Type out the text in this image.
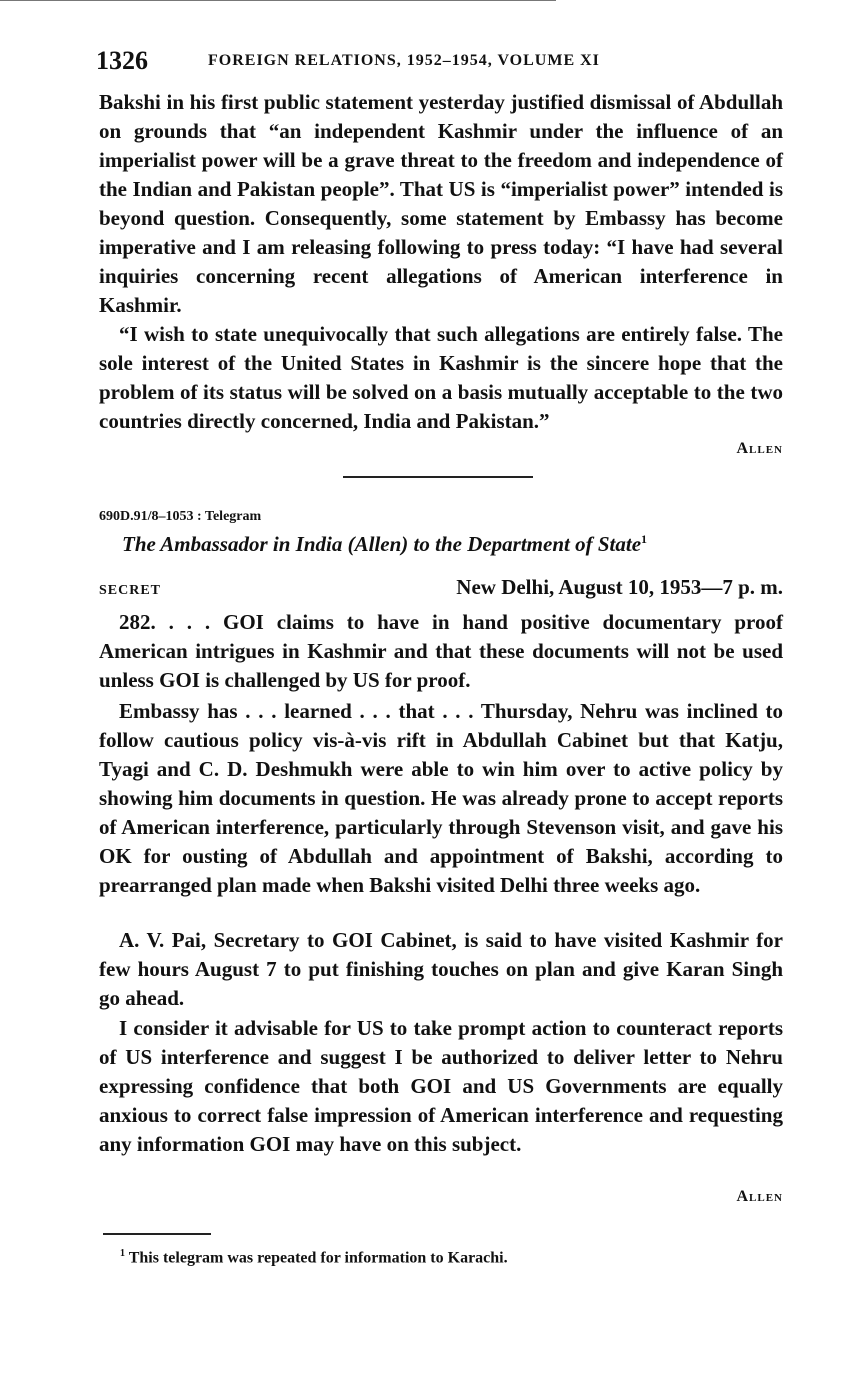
1326	FOREIGN RELATIONS, 1952–1954, VOLUME XI

Bakshi in his first public statement yesterday justified dismissal of Abdullah on grounds that “an independent Kashmir under the influence of an imperialist power will be a grave threat to the freedom and independence of the Indian and Pakistan people”. That US is “imperialist power” intended is beyond question. Consequently, some statement by Embassy has become imperative and I am releasing following to press today: “I have had several inquiries concerning recent allegations of American interference in Kashmir.

“I wish to state unequivocally that such allegations are entirely false. The sole interest of the United States in Kashmir is the sincere hope that the problem of its status will be solved on a basis mutually acceptable to the two countries directly concerned, India and Pakistan.”

Allen
690D.91/8–1053 : Telegram
The Ambassador in India (Allen) to the Department of State$^1$
SECRET	New Delhi, August 10, 1953—7 p. m.

282. . . . GOI claims to have in hand positive documentary proof American intrigues in Kashmir and that these documents will not be used unless GOI is challenged by US for proof.

Embassy has . . . learned . . . that . . . Thursday, Nehru was inclined to follow cautious policy vis-à-vis rift in Abdullah Cabinet but that Katju, Tyagi and C. D. Deshmukh were able to win him over to active policy by showing him documents in question. He was already prone to accept reports of American interference, particularly through Stevenson visit, and gave his OK for ousting of Abdullah and appointment of Bakshi, according to prearranged plan made when Bakshi visited Delhi three weeks ago.

A. V. Pai, Secretary to GOI Cabinet, is said to have visited Kashmir for few hours August 7 to put finishing touches on plan and give Karan Singh go ahead.

I consider it advisable for US to take prompt action to counteract reports of US interference and suggest I be authorized to deliver letter to Nehru expressing confidence that both GOI and US Governments are equally anxious to correct false impression of American interference and requesting any information GOI may have on this subject.

Allen
$^1$ This telegram was repeated for information to Karachi.
